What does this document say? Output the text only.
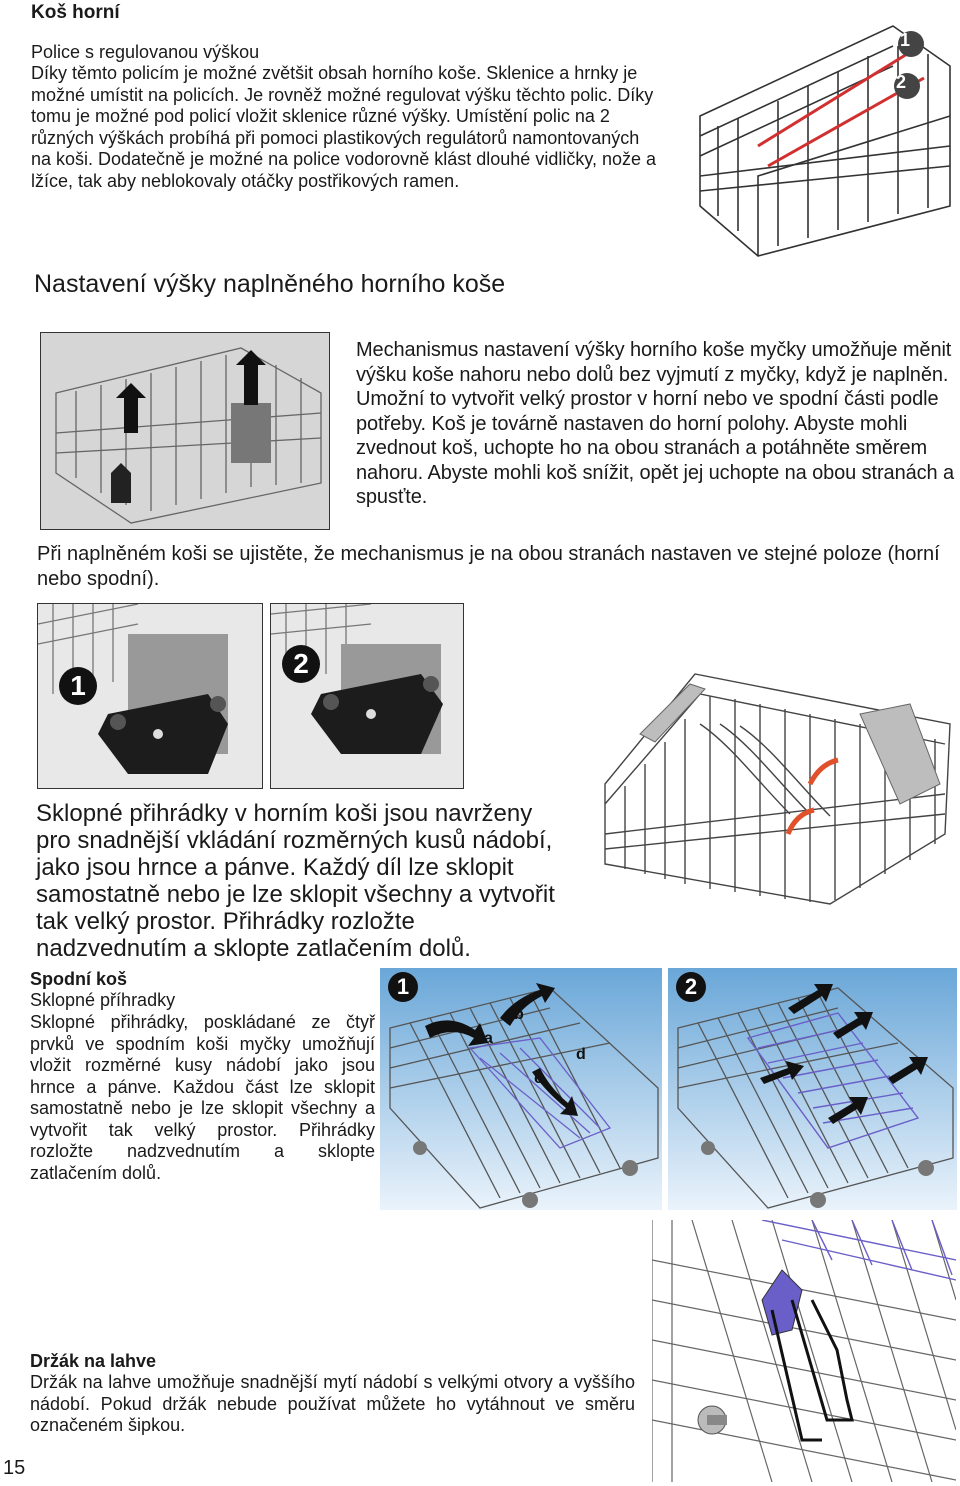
Koš horní
Police s regulovanou výškou
Díky těmto policím je možné zvětšit obsah horního koše. Sklenice a hrnky je možné umístit na policích. Je rovněž možné regulovat výšku těchto polic. Díky tomu je možné pod policí vložit sklenice různé výšky. Umístění polic na 2 různých výškách probíhá při pomoci plastikových regulátorů namontovaných na koši. Dodatečně je možné na police vodorovně klást dlouhé vidličky, nože a lžíce, tak aby neblokovaly otáčky postřikových ramen.
1
2
Nastavení výšky naplněného horního koše
Mechanismus nastavení výšky horního koše myčky umožňuje měnit výšku koše nahoru nebo dolů bez vyjmutí z myčky, když je naplněn. Umožní to vytvořit velký prostor v horní nebo ve spodní části podle potřeby. Koš je továrně nastaven do horní polohy. Abyste mohli zvednout koš, uchopte ho na obou stranách a potáhněte směrem nahoru. Abyste mohli koš snížit, opět jej uchopte na obou stranách a spusťte.
Při naplněném koši se ujistěte, že mechanismus je na obou stranách nastaven ve stejné poloze (horní nebo spodní).
1
2
Sklopné přihrádky v horním koši jsou navrženy pro snadnější vkládání rozměrných kusů nádobí, jako jsou hrnce a pánve. Každý díl lze sklopit samostatně nebo je lze sklopit všechny a vytvořit tak velký prostor. Přihrádky rozložte nadzvednutím a sklopte zatlačením dolů.
Spodní koš
Sklopné příhradky
Sklopné přihrádky, poskládané ze čtyř prvků ve spodním koši myčky umožňují vložit rozměrné kusy nádobí jako jsou hrnce a pánve. Každou část lze sklopit samostatně nebo je lze sklopit všechny a vytvořit tak velký prostor. Přihrádky rozložte nadzvednutím a sklopte zatlačením dolů.
1
a
b
c
d
2
Držák na lahve
Držák na lahve umožňuje snadnější mytí nádobí s velkými otvory a vyššího nádobí. Pokud držák nebude používat můžete ho vytáhnout ve směru označeném šipkou.
15
